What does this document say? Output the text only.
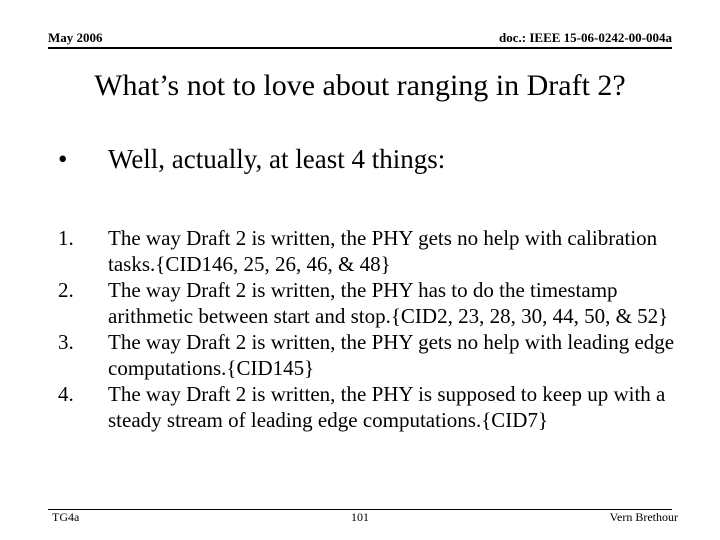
May 2006	doc.: IEEE 15-06-0242-00-004a
What’s not to love about ranging in Draft 2?
• Well, actually, at least 4 things:
1. The way Draft 2 is written, the PHY gets no help with calibration tasks.{CID146, 25, 26, 46, & 48}
2. The way Draft 2 is written, the PHY has to do the timestamp arithmetic between start and stop.{CID2, 23, 28, 30, 44, 50, & 52}
3. The way Draft 2 is written, the PHY gets no help with leading edge computations.{CID145}
4. The way Draft 2 is written, the PHY is supposed to keep up with a steady stream of leading edge computations.{CID7}
TG4a	101	Vern Brethour
